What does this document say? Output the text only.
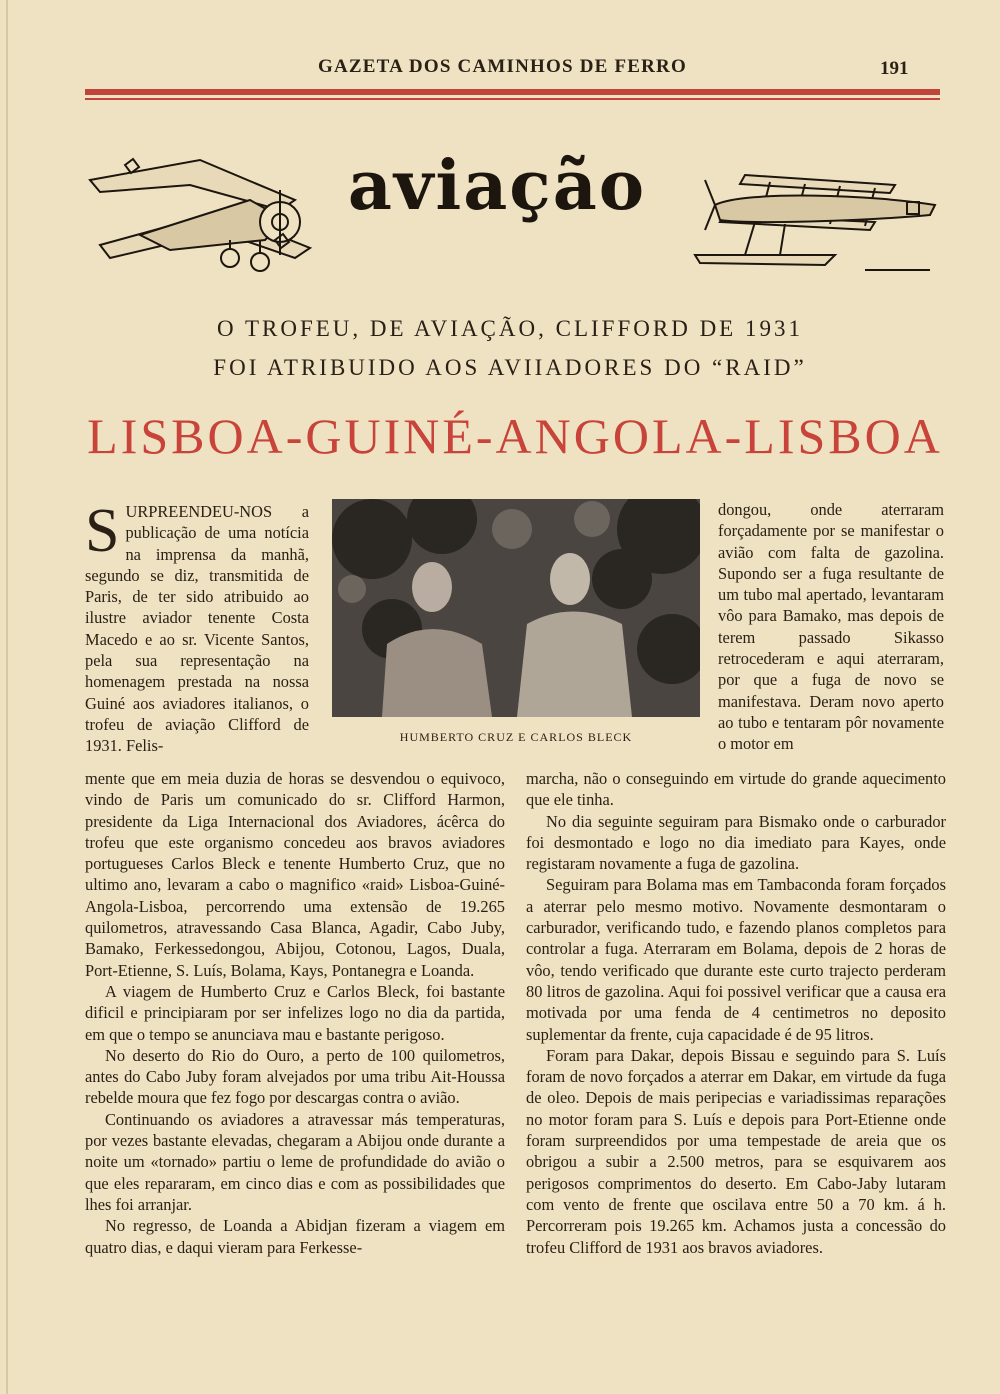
GAZETA DOS CAMINHOS DE FERRO	191
aviação
O TROFEU, DE AVIAÇÃO, CLIFFORD DE 1931
FOI ATRIBUIDO AOS AVIIADORES DO “RAID”
LISBOA-GUINÉ-ANGOLA-LISBOA
S URPREENDEU-NOS a publicação de uma notícia na imprensa da manhã, segundo se diz, transmitida de Paris, de ter sido atribuido ao ilustre aviador tenente Costa Macedo e ao sr. Vicente Santos, pela sua representação na homenagem prestada na nossa Guiné aos aviadores italianos, o trofeu de aviação Clifford de 1931. Felis-	HUMBERTO CRUZ E CARLOS BLECK
dongou, onde aterraram forçadamente por se manifestar o avião com falta de gazolina. Supondo ser a fuga resultante de um tubo mal apertado, levantaram vôo para Bamako, mas depois de terem passado Sikasso retrocederam e aqui aterraram, por que a fuga de novo se manifestava. Deram novo aperto ao tubo e tentaram pôr novamente o motor em
mente que em meia duzia de horas se desvendou o equivoco, vindo de Paris um comunicado do sr. Clifford Harmon, presidente da Liga Internacional dos Aviadores, ácêrca do trofeu que este organismo concedeu aos bravos aviadores portugueses Carlos Bleck e tenente Humberto Cruz, que no ultimo ano, levaram a cabo o magnifico «raid» Lisboa-Guiné-Angola-Lisboa, percorrendo uma extensão de 19.265 quilometros, atravessando Casa Blanca, Agadir, Cabo Juby, Bamako, Ferkessedongou, Abijou, Cotonou, Lagos, Duala, Port-Etienne, S. Luís, Bolama, Kays, Pontanegra e Loanda.

A viagem de Humberto Cruz e Carlos Bleck, foi bastante dificil e principiaram por ser infelizes logo no dia da partida, em que o tempo se anunciava mau e bastante perigoso.

No deserto do Rio do Ouro, a perto de 100 quilometros, antes do Cabo Juby foram alvejados por uma tribu Ait-Houssa rebelde moura que fez fogo por descargas contra o avião.

Continuando os aviadores a atravessar más temperaturas, por vezes bastante elevadas, chegaram a Abijou onde durante a noite um «tornado» partiu o leme de profundidade do avião o que eles repararam, em cinco dias e com as possibilidades que lhes foi arranjar.

No regresso, de Loanda a Abidjan fizeram a viagem em quatro dias, e daqui vieram para Ferkesse-

marcha, não o conseguindo em virtude do grande aquecimento que ele tinha.

No dia seguinte seguiram para Bismako onde o carburador foi desmontado e logo no dia imediato para Kayes, onde registaram novamente a fuga de gazolina.

Seguiram para Bolama mas em Tambaconda foram forçados a aterrar pelo mesmo motivo. Novamente desmontaram o carburador, verificando tudo, e fazendo planos completos para controlar a fuga. Aterraram em Bolama, depois de 2 horas de vôo, tendo verificado que durante este curto trajecto perderam 80 litros de gazolina. Aqui foi possivel verificar que a causa era motivada por uma fenda de 4 centimetros no deposito suplementar da frente, cuja capacidade é de 95 litros.

Foram para Dakar, depois Bissau e seguindo para S. Luís foram de novo forçados a aterrar em Dakar, em virtude da fuga de oleo. Depois de mais peripecias e variadissimas reparações no motor foram para S. Luís e depois para Port-Etienne onde foram surpreendidos por uma tempestade de areia que os obrigou a subir a 2.500 metros, para se esquivarem aos perigosos comprimentos do deserto. Em Cabo-Jaby lutaram com vento de frente que oscilava entre 50 a 70 km. á h. Percorreram pois 19.265 km. Achamos justa a concessão do trofeu Clifford de 1931 aos bravos aviadores.
